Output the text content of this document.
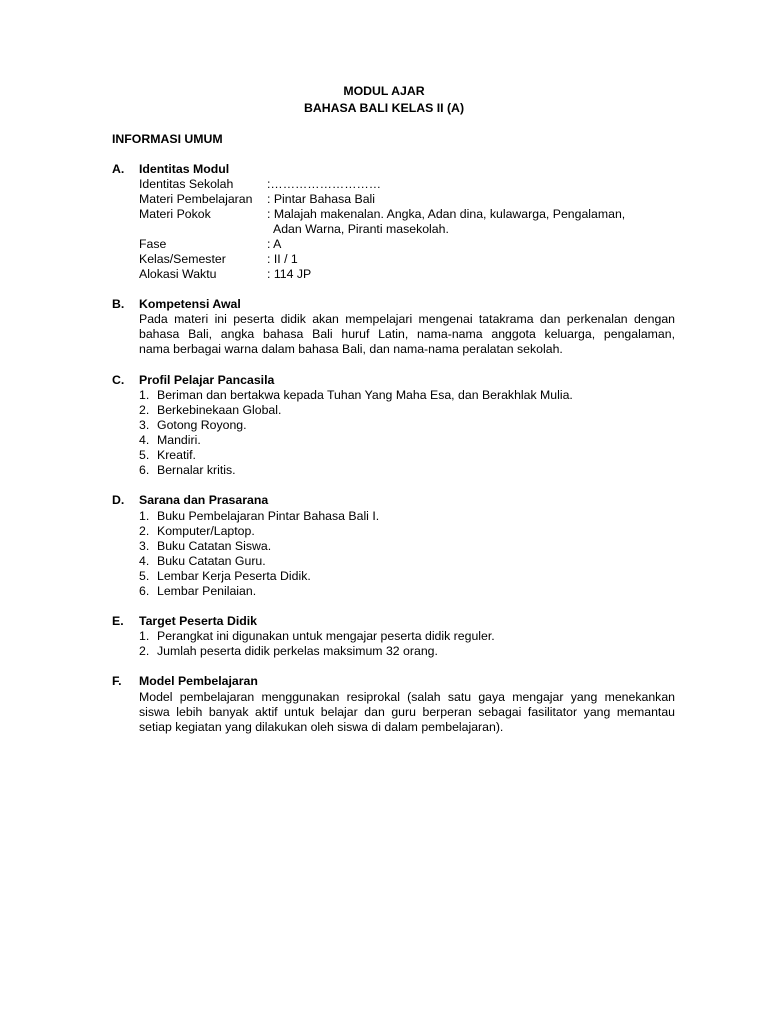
MODUL AJAR
BAHASA BALI KELAS II (A)
INFORMASI UMUM
A. Identitas Modul
Identitas Sekolah	:………………………
Materi Pembelajaran : Pintar Bahasa Bali
Materi Pokok	: Malajah makenalan. Angka, Adan dina, kulawarga, Pengalaman,
Adan Warna, Piranti masekolah.
Fase	: A
Kelas/Semester	: II / 1
Alokasi Waktu	: 114 JP
B. Kompetensi Awal
Pada materi ini peserta didik akan mempelajari mengenai tatakrama dan perkenalan dengan
bahasa Bali, angka bahasa Bali huruf Latin, nama-nama anggota keluarga, pengalaman,
nama berbagai warna dalam bahasa Bali, dan nama-nama peralatan sekolah.
C. Profil Pelajar Pancasila
1. Beriman dan bertakwa kepada Tuhan Yang Maha Esa, dan Berakhlak Mulia.
2. Berkebinekaan Global.
3. Gotong Royong.
4. Mandiri.
5. Kreatif.
6. Bernalar kritis.
D. Sarana dan Prasarana
1. Buku Pembelajaran Pintar Bahasa Bali I.
2. Komputer/Laptop.
3. Buku Catatan Siswa.
4. Buku Catatan Guru.
5. Lembar Kerja Peserta Didik.
6. Lembar Penilaian.
E. Target Peserta Didik
1. Perangkat ini digunakan untuk mengajar peserta didik reguler.
2. Jumlah peserta didik perkelas maksimum 32 orang.
F. Model Pembelajaran
Model pembelajaran menggunakan resiprokal (salah satu gaya mengajar yang menekankan
siswa lebih banyak aktif untuk belajar dan guru berperan sebagai fasilitator yang memantau
setiap kegiatan yang dilakukan oleh siswa di dalam pembelajaran).
